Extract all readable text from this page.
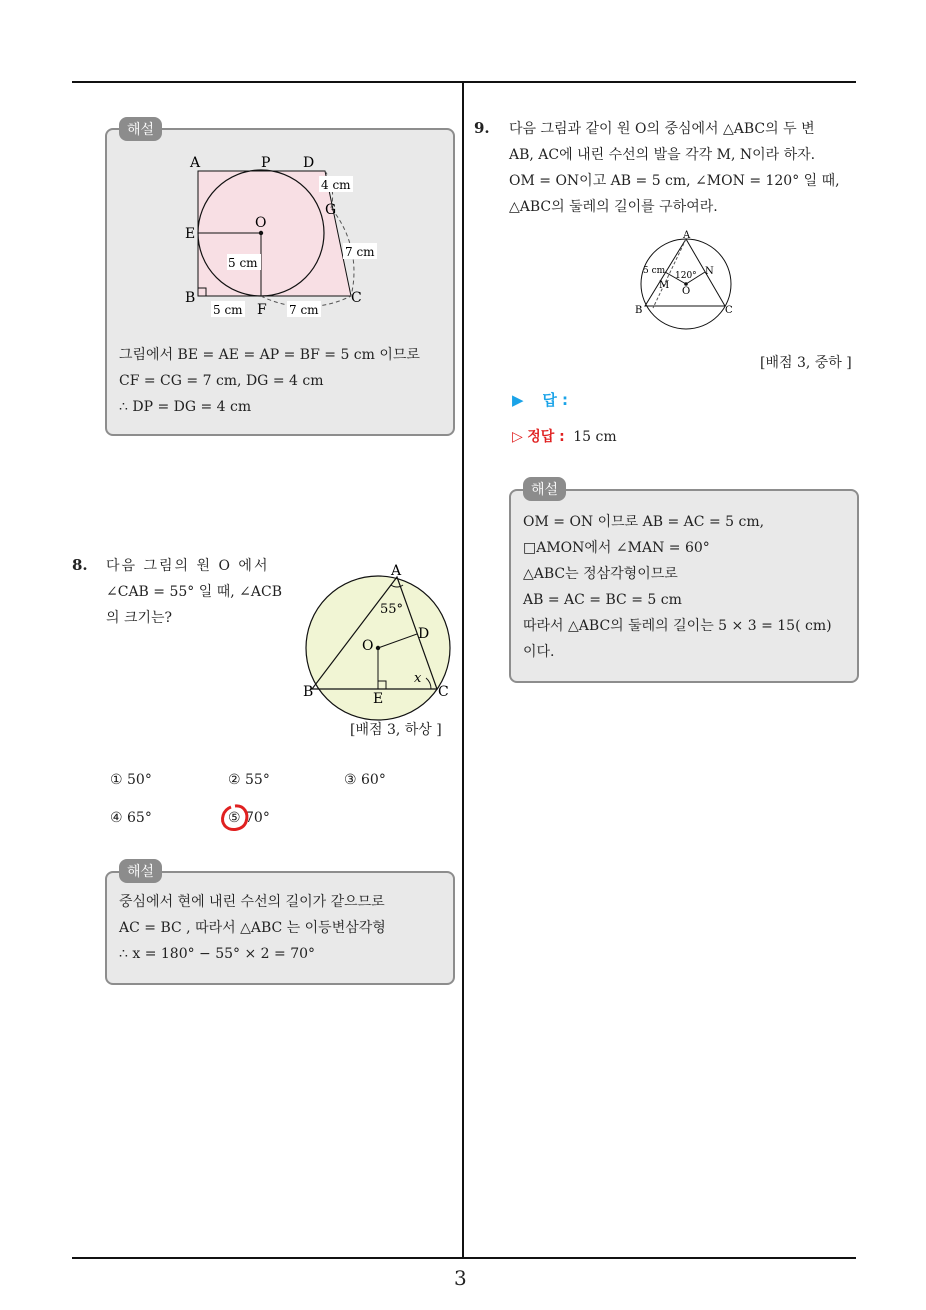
3
A	P D
E
O
G
B
F
C
4 cm
7 cm
5 cm
5 cm	7 cm
그림에서 BE = AE = AP = BF = 5 cm 이므로
CF = CG = 7 cm, DG = 4 cm
∴ DP = DG = 4 cm
해설
8. 다음 그림의 원 O 에서
∠CAB = 55° 일 때, ∠ACB
의 크기는?
A
B	C
D
E
O
55°
x
[배점 3, 하상 ]
① 50°	② 55°	③ 60°
④ 65°	⑤ 70°
중심에서 현에 내린 수선의 길이가 같으므로
AC = BC , 따라서 △ABC 는 이등변삼각형
∴ x = 180° − 55° × 2 = 70°
해설
9. 다음 그림과 같이 원 O의 중심에서 △ABC의 두 변
AB, AC에 내린 수선의 발을 각각 M, N이라 하자.
OM = ON이고 AB = 5 cm, ∠MON = 120° 일 때,
△ABC의 둘레의 길이를 구하여라.
A
B	C
M
N
O
5 cm 120°
[배점 3, 중하 ]
▶ 답 :
▷ 정답 : 15 cm
OM = ON 이므로 AB = AC = 5 cm,
□AMON에서 ∠MAN = 60°
△ABC는 정삼각형이므로
AB = AC = BC = 5 cm
따라서 △ABC의 둘레의 길이는 5 × 3 = 15( cm)
이다.
해설
